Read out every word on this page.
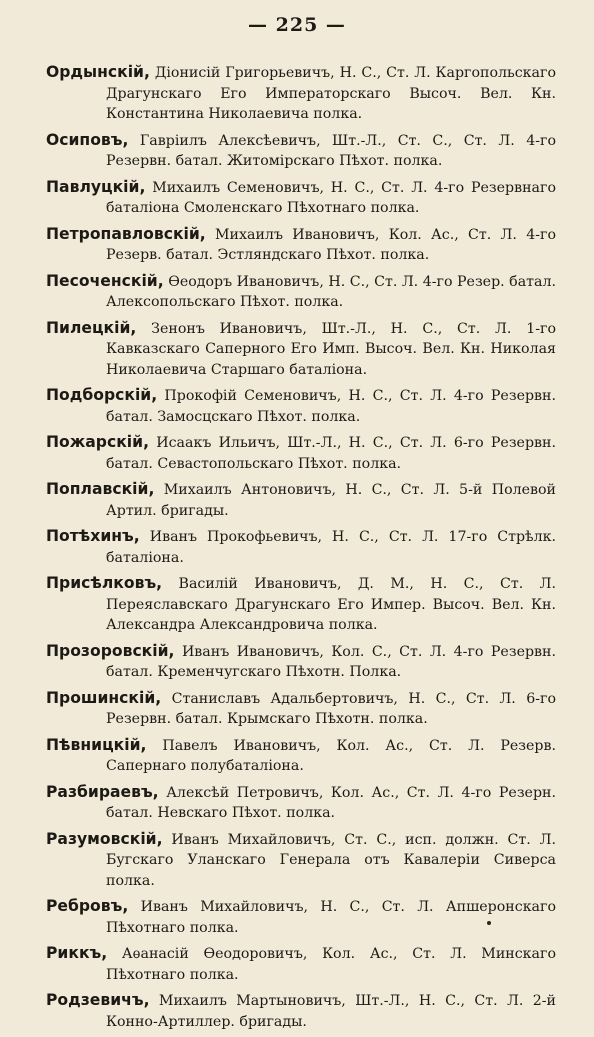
— 225 —

Ордынскій, Діонисій Григорьевичъ, Н. С., Ст. Л. Каргопольскаго Драгунскаго Его Императорскаго Высоч. Вел. Кн. Константина Николаевича полка.

Осиповъ, Гавріилъ Алексѣевичъ, Шт.-Л., Ст. С., Ст. Л. 4-го Резервн. батал. Житомірскаго Пѣхот. полка.

Павлуцкій, Михаилъ Семеновичъ, Н. С., Ст. Л. 4-го Резервнаго баталіона Смоленскаго Пѣхотнаго полка.

Петропавловскій, Михаилъ Ивановичъ, Кол. Ас., Ст. Л. 4-го Резерв. батал. Эстляндскаго Пѣхот. полка.

Песоченскій, Ѳеодоръ Ивановичъ, Н. С., Ст. Л. 4-го Резер. батал. Алексопольскаго Пѣхот. полка.

Пилецкій, Зенонъ Ивановичъ, Шт.-Л., Н. С., Ст. Л. 1-го Кавказскаго Саперного Его Имп. Высоч. Вел. Кн. Николая Николаевича Старшаго баталіона.

Подборскій, Прокофій Семеновичъ, Н. С., Ст. Л. 4-го Резервн. батал. Замосцскаго Пѣхот. полка.

Пожарскій, Исаакъ Ильичъ, Шт.-Л., Н. С., Ст. Л. 6-го Резервн. батал. Севастопольскаго Пѣхот. полка.

Поплавскій, Михаилъ Антоновичъ, Н. С., Ст. Л. 5-й Полевой Артил. бригады.

Потѣхинъ, Иванъ Прокофьевичъ, Н. С., Ст. Л. 17-го Стрѣлк. баталіона.

Присѣлковъ, Василій Ивановичъ, Д. М., Н. С., Ст. Л. Переяславскаго Драгунскаго Его Импер. Высоч. Вел. Кн. Александра Александровича полка.

Прозоровскій, Иванъ Ивановичъ, Кол. С., Ст. Л. 4-го Резервн. батал. Кременчугскаго Пѣхотн. Полка.

Прошинскій, Станиславъ Адальбертовичъ, Н. С., Ст. Л. 6-го Резервн. батал. Крымскаго Пѣхотн. полка.

Пѣвницкій, Павелъ Ивановичъ, Кол. Ас., Ст. Л. Резерв. Сапернаго полубаталіона.

Разбираевъ, Алексѣй Петровичъ, Кол. Ас., Ст. Л. 4-го Резерн. батал. Невскаго Пѣхот. полка.

Разумовскій, Иванъ Михайловичъ, Ст. С., исп. должн. Ст. Л. Бугскаго Уланскаго Генерала отъ Кавалеріи Сиверса полка.

Ребровъ, Иванъ Михайловичъ, Н. С., Ст. Л. Апшеронскаго Пѣхотнаго полка.

Риккъ, Аѳанасій Ѳеодоровичъ, Кол. Ас., Ст. Л. Минскаго Пѣхотнаго полка.

Родзевичъ, Михаилъ Мартыновичъ, Шт.-Л., Н. С., Ст. Л. 2-й Конно-Артиллер. бригады.
